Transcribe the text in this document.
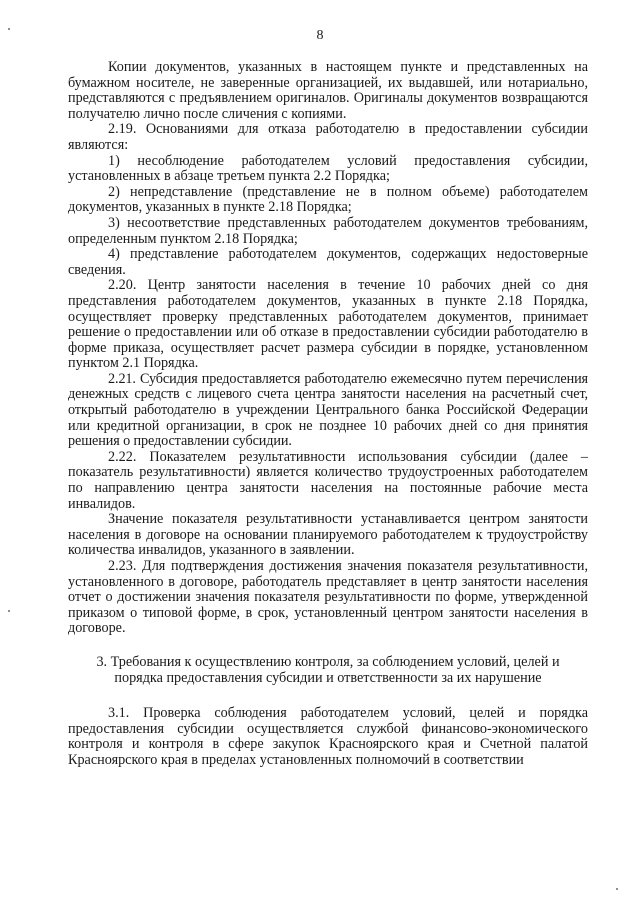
8

Копии документов, указанных в настоящем пункте и представленных на бумажном носителе, не заверенные организацией, их выдавшей, или нотариально, представляются с предъявлением оригиналов. Оригиналы документов возвращаются получателю лично после сличения с копиями.

2.19. Основаниями для отказа работодателю в предоставлении субсидии являются:

1) несоблюдение работодателем условий предоставления субсидии, установленных в абзаце третьем пункта 2.2 Порядка;

2) непредставление (представление не в полном объеме) работодателем документов, указанных в пункте 2.18 Порядка;

3) несоответствие представленных работодателем документов требованиям, определенным пунктом 2.18 Порядка;

4) представление работодателем документов, содержащих недостоверные сведения.

2.20. Центр занятости населения в течение 10 рабочих дней со дня представления работодателем документов, указанных в пункте 2.18 Порядка, осуществляет проверку представленных работодателем документов, принимает решение о предоставлении или об отказе в предоставлении субсидии работодателю в форме приказа, осуществляет расчет размера субсидии в порядке, установленном пунктом 2.1 Порядка.

2.21. Субсидия предоставляется работодателю ежемесячно путем перечисления денежных средств с лицевого счета центра занятости населения на расчетный счет, открытый работодателю в учреждении Центрального банка Российской Федерации или кредитной организации, в срок не позднее 10 рабочих дней со дня принятия решения о предоставлении субсидии.

2.22. Показателем результативности использования субсидии (далее – показатель результативности) является количество трудоустроенных работодателем по направлению центра занятости населения на постоянные рабочие места инвалидов.

Значение показателя результативности устанавливается центром занятости населения в договоре на основании планируемого работодателем к трудоустройству количества инвалидов, указанного в заявлении.

2.23. Для подтверждения достижения значения показателя результативности, установленного в договоре, работодатель представляет в центр занятости населения отчет о достижении значения показателя результативности по форме, утвержденной приказом о типовой форме, в срок, установленный центром занятости населения в договоре.

3. Требования к осуществлению контроля, за соблюдением условий, целей и порядка предоставления субсидии и ответственности за их нарушение

3.1. Проверка соблюдения работодателем условий, целей и порядка предоставления субсидии осуществляется службой финансово-экономического контроля и контроля в сфере закупок Красноярского края и Счетной палатой Красноярского края в пределах установленных полномочий в соответствии
